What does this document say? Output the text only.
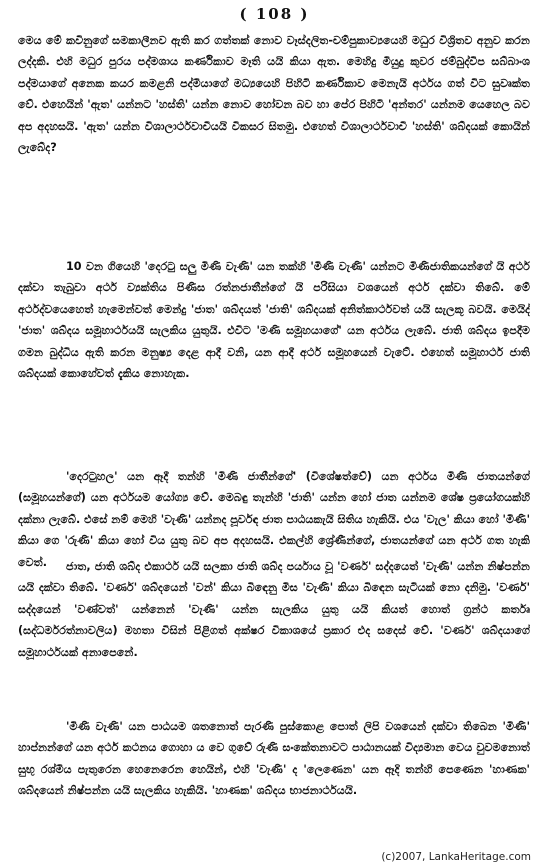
( 108 )

මෙය මේ කවිනුගේ සමකාලීනව ඇති කර ගත්තක් නොව වෑස්දලිත-චම්පුකාව්‍යයෙහි මධුර විශ්‍රිතව අනුව කරන ලද්දකි. එහි මධුර පුරය පද්මශාය කර්ණිකාව මෑති යයි කියා ඇත. මෙහිදු මියුදු කුවර ජම්බුද්වීප සබ්බාංශ පද්මයාගේ අනෙක කයර කමළනි පද්මියාගේ මධ්‍යයෙහි පිහිටි කර්ණිකාව මෙනැයි අර්ථය ගත් විට සුවෘක්ත වේ. එහෙයින් 'ඇත' යන්නට 'හස්ති' යන්න නොව හෝවන බව හා පේර පිහිටි 'අන්තර' යන්නම යෙහෙල බව අප අදහසයි. 'ඇත' යන්න විශාලාර්ථවාචීයයි විකසර සිතමු. එහෙත් විශාලාර්ථවාචී 'හස්ති' ශබ්දයක් කොයින් ලැබේද?

10 වන ගියෙහි 'දෙරටු සලු මිණි වැණි' යන තක්හි 'මිණි වැණි' යන්නට මිණිජාතිකයන්ගේ යි අර්ථ දක්වා තැබුවා අර්ථ ව්‍යක්තිය පිණිස රත්නජාතීන්ගේ යි පරිසියා වශයෙන් අර්ථ දක්වා තිබේ. මේ අර්ථද්වයෙහෙත් හැමෙන්වත් මෙන්දු 'ජාත' ශබ්දයත් 'ජාති' ශබ්දයක් අනිත්කාර්ථවත් යයි සැලකූ බවයි. මෙයිද් 'ජාත' ශබ්දය සමූහාර්ථයයි සැලකිය යුතුයි. එවිට 'මණි සමූහයාගේ' යන අර්ථය ලැබේ. ජාති ශබ්දය ඉපදීම ගමන බුද්ධිය ඇති කරන මනුෂ්‍ය දෙළ ආදී වනි, යන ආදී අර්ථ සමූහයෙන් වැටේ. එහෙත් සමූහාර්ථ ජාති ශබ්දයක් කොහේවත් දැකිය නොහැක.

'දෙරටුහල' යන ඈදී තන්හි 'මිණි ජාතීන්ගේ' (විශේෂත්වේ) යන අර්ථය මිණි ජාතයන්ගේ (සමූහයන්ගේ) යන අර්ථයම යෝග්‍ය වේ. මෙබඳු තැන්හි 'ජාති' යන්න හෝ ජාත යන්නම ශේෂ ප්‍රයෝගයක්හි දක්නා ලැබේ. එසේ නම් මෙහි 'වැණි' යන්නද පූර්වඳ ජාත පාඨයකැයි සිතිය හැකියි. එය 'වැල' කියා හෝ 'මිණි' කියා ගෙ 'රුණි' කියා හෝ විය යුතු බව අප අදහසයි. එකල්හි ශ්‍රේණීන්ගේ, ජාතයන්ගේ යන අර්ථ ගත හැකි වෙත්.	ජාත, ජාති ශබ්ද එකාර්ථ යයි සලකා ජාති ශබ්ද පර්යාය වූ 'වර්ණ' සද්දයෙත් 'වැණි' යන්න නිෂ්පන්න යයි දක්වා තිබේ. 'වර්ණ' ශබ්දයෙන් 'වන්' කියා බිඳෙනු මිස 'වැණි' කියා බිඳෙන සැටියක් නො දනිමු. 'වර්ණ' සද්දයෙන් 'වණ්වත්' යන්නෙන් 'වැණි' යන්න සැලකිය යුතු යයි කියත් හොත් ග්‍රන්ථ කර්තෘ (සද්ධර්මරත්නාවලිය) මහතා විසින් පිළිගත් අක්ෂර විකාශයේ ප්‍රකාර එද සදෙස් වේ. 'වර්ණ' ශබ්දයාගේ සමූහාර්ථයක් අනාපෙනේ.

'මිණි වැණි' යන පාඨයම ශතනොත් පැරණි පුස්කොළ පොත් ලිපි වශයෙන් දක්වා තිබෙන 'මිණි' හාප්නන්ගේ යන අර්ථ කථනය ගොහා ය වෙ ගුවේ රුණි සංකේතනාවට පාඨානයක් විද්‍යමාන වෙය වුවමනොත් සුභු රශ්මිය පැතුරෙන හෙනෙරෙන හෙයින්, එහි 'වැණි' ද 'ලෙණෙන' යන ඈදි තන්හි පෙණෙන 'හාණක' ශබ්දයෙන් නිෂ්පන්න යයි සැලකිය හැකියි. 'හාණක' ශබ්දය භාජනාර්ථයයි.

(c)2007, LankaHeritage.com
